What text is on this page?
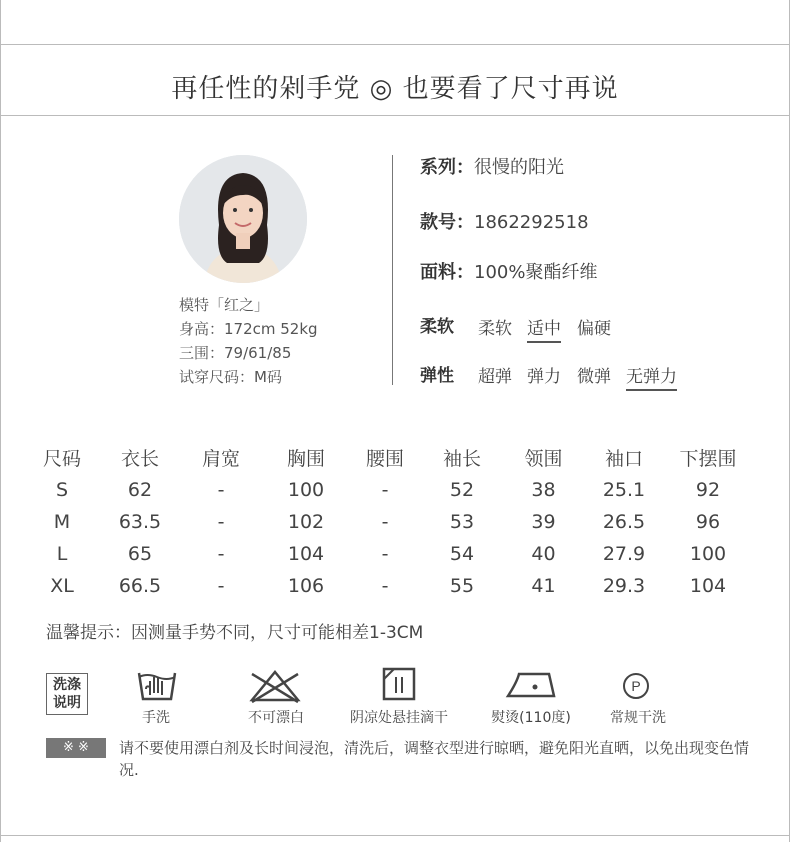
再任性的剁手党 ◎ 也要看了尺寸再说
模特「红之」
身高：172cm 52kg
三围：79/61/85
试穿尺码：M码
系列：很慢的阳光
款号：1862292518
面料：100%聚酯纤维
柔软 柔软 适中 偏硬
弹性 超弹 弹力 微弹 无弹力
尺码	衣长	肩宽	胸围	腰围	袖长	领围	袖口	下摆围
S	62	-	100	-	52	38	25.1	92
M	63.5	-	102	-	53	39	26.5	96
L	65	-	104	-	54	40	27.9	100
XL	66.5	-	106	-	55	41	29.3	104
温馨提示：因测量手势不同，尺寸可能相差1-3CM
洗涤
说明
手洗	不可漂白	阴凉处悬挂滴干	熨烫(110度)
P
常规干洗
※ ※	请不要使用漂白剂及长时间浸泡，清洗后，调整衣型进行晾晒，避免阳光直晒，以免出现变色情况.
